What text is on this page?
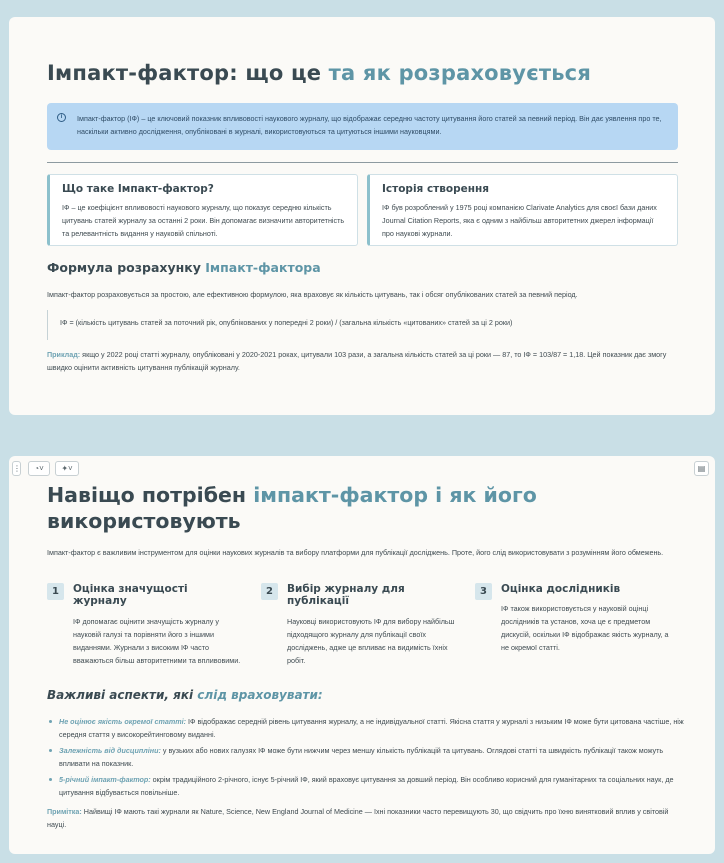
Імпакт-фактор: що це та як розраховується
i	Імпакт-фактор (ІФ) – це ключовий показник впливовості наукового журналу, що відображає середню частоту цитування його статей за певний період. Він дає уявлення про те, наскільки активно дослідження, опубліковані в журналі, використовуються та цитуються іншими науковцями.
Що таке Імпакт-фактор?
ІФ – це коефіцієнт впливовості наукового журналу, що показує середню кількість цитувань статей журналу за останні 2 роки. Він допомагає визначити авторитетність та релевантність видання у науковій спільноті.
Історія створення
ІФ був розроблений у 1975 році компанією Clarivate Analytics для своєї бази даних Journal Citation Reports, яка є одним з найбільш авторитетних джерел інформації про наукові журнали.
Формула розрахунку Імпакт-фактора

Імпакт-фактор розраховується за простою, але ефективною формулою, яка враховує як кількість цитувань, так і обсяг опублікованих статей за певний період.

ІФ = (кількість цитувань статей за поточний рік, опублікованих у попередні 2 роки) / (загальна кількість «цитованих» статей за ці 2 роки)

Приклад: якщо у 2022 році статті журналу, опубліковані у 2020-2021 роках, цитували 103 рази, а загальна кількість статей за ці роки — 87, то ІФ = 103/87 = 1,18. Цей показник дає змогу швидко оцінити активність цитування публікацій журналу.

⋮	◔˅	✦˅	▤
Навіщо потрібен імпакт-фактор і як його використовують

Імпакт-фактор є важливим інструментом для оцінки наукових журналів та вибору платформи для публікації досліджень. Проте, його слід використовувати з розумінням його обмежень.

1	Оцінка значущості журналу
ІФ допомагає оцінити значущість журналу у науковій галузі та порівняти його з іншими виданнями. Журнали з високим ІФ часто вважаються більш авторитетними та впливовими.
2	Вибір журналу для публікації
Науковці використовують ІФ для вибору найбільш підходящого журналу для публікації своїх досліджень, адже це впливає на видимість їхніх робіт.
3	Оцінка дослідників
ІФ також використовується у науковій оцінці дослідників та установ, хоча це є предметом дискусій, оскільки ІФ відображає якість журналу, а не окремої статті.
Важливі аспекти, які слід враховувати:
Не оцінює якість окремої статті: ІФ відображає середній рівень цитування журналу, а не індивідуальної статті. Якісна стаття у журналі з низьким ІФ може бути цитована частіше, ніж середня стаття у високорейтинговому виданні.
Залежність від дисципліни: у вузьких або нових галузях ІФ може бути нижчим через меншу кількість публікацій та цитувань. Оглядові статті та швидкість публікації також можуть впливати на показник.
5-річний імпакт-фактор: окрім традиційного 2-річного, існує 5-річний ІФ, який враховує цитування за довший період. Він особливо корисний для гуманітарних та соціальних наук, де цитування відбувається повільніше.

Примітка: Найвищі ІФ мають такі журнали як Nature, Science, New England Journal of Medicine — їхні показники часто перевищують 30, що свідчить про їхню винятковий вплив у світовій науці.
